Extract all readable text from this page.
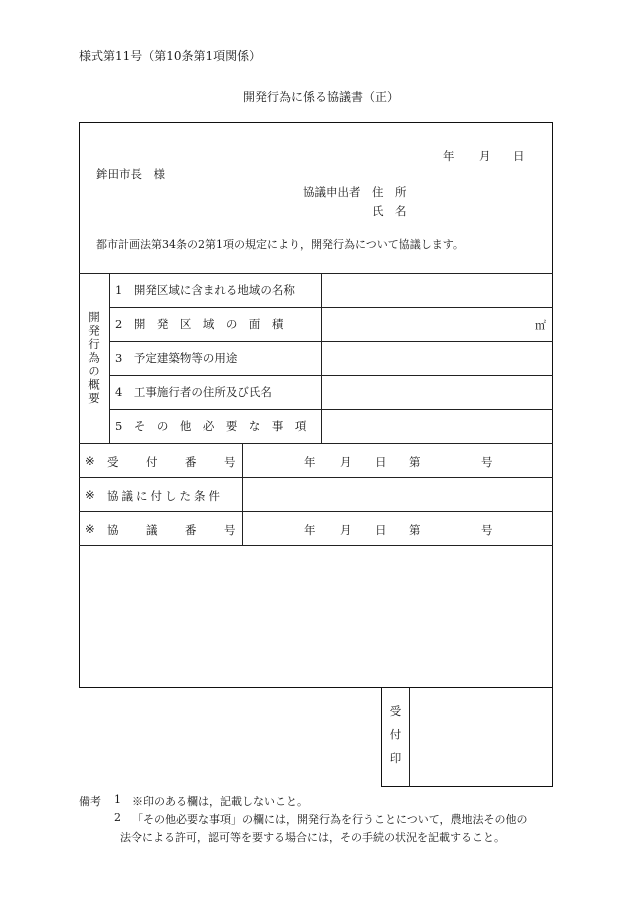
様式第11号（第10条第1項関係）
開発行為に係る協議書（正）
年 月 日
鉾田市長　様
協議申出者 住　所
氏　名
都市計画法第34条の2第1項の規定により，開発行為について協議します。
開発行為の概要
1　開発区域に含まれる地域の名称
2　開　発　区　域　の　面　積	㎡
3　予定建築物等の用途
4　工事施行者の住所及び氏名
5　そ　の　他　必　要　な　事　項
※ 受　付　番　号	年 月 日 第	号
※ 協議に付した条件
※ 協　議　番　号	年 月 日 第	号
受付印
備考 1 ※印のある欄は，記載しないこと。
2 「その他必要な事項」の欄には，開発行為を行うことについて，農地法その他の
法令による許可，認可等を要する場合には，その手続の状況を記載すること。
